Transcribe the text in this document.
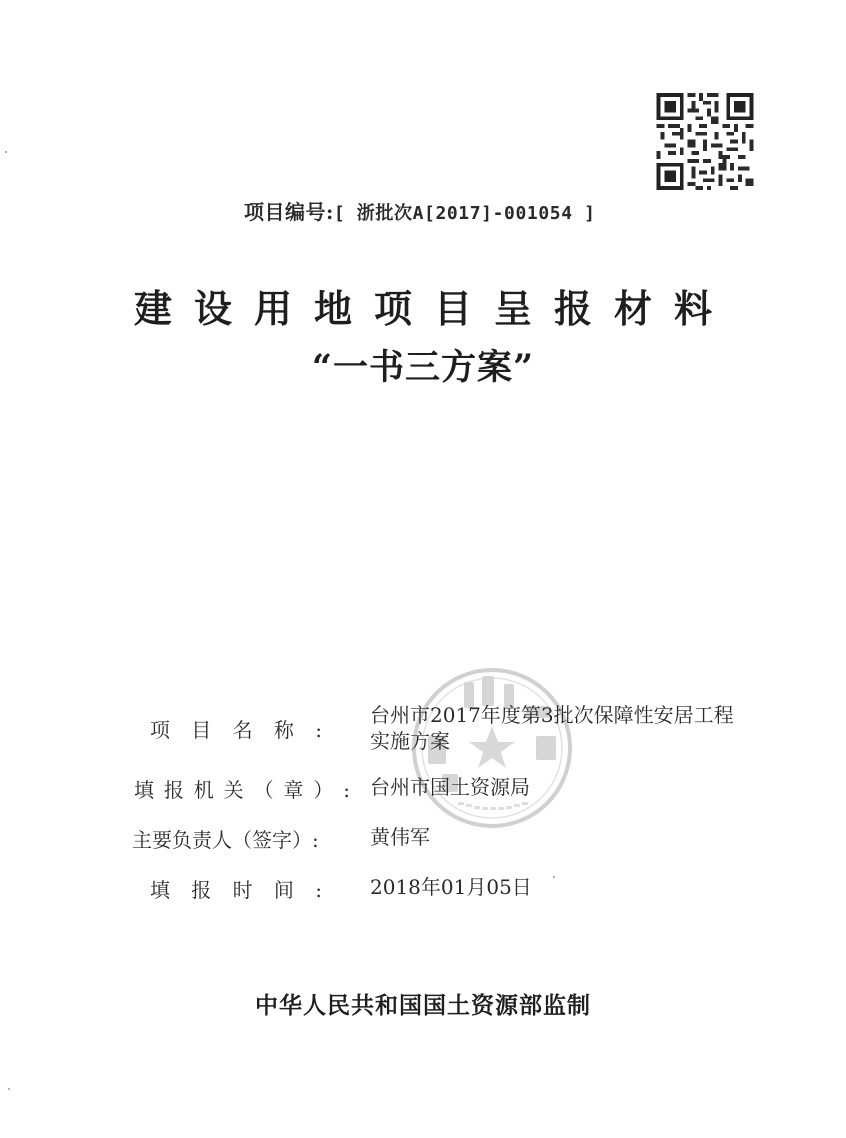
项目编号:[ 浙批次A[2017]-001054 ]
建设用地项目呈报材料
“一书三方案”
项目名称:
台州市2017年度第3批次保障性安居工程实施方案
填报机关（章）: 台州市国土资源局
主要负责人（签字）:	黄伟军
填报时间: 2018年01月05日
中华人民共和国国土资源部监制
